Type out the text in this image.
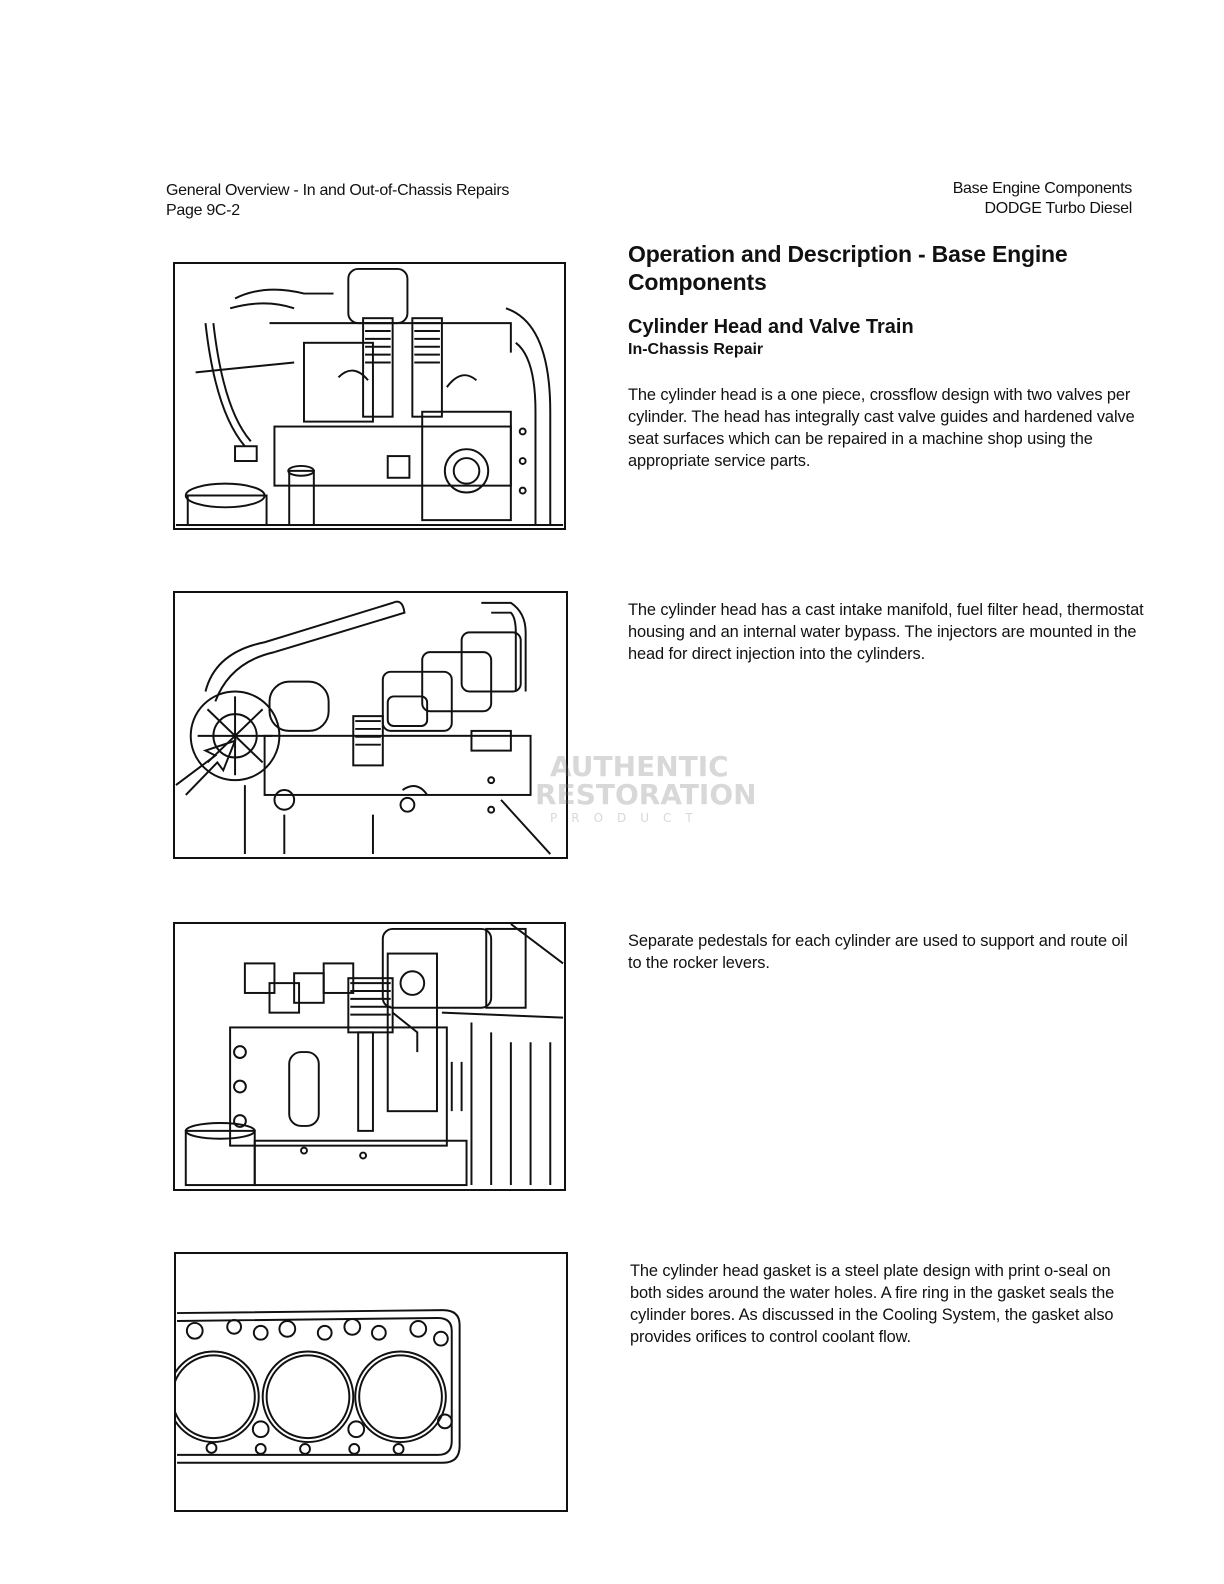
General Overview - In and Out-of-Chassis Repairs
Page 9C-2
Base Engine Components
DODGE Turbo Diesel
Operation and Description - Base Engine Components
Cylinder Head and Valve Train
In-Chassis Repair
The cylinder head is a one piece, crossflow design with two valves per cylinder. The head has integrally cast valve guides and hardened valve seat surfaces which can be repaired in a machine shop using the appropriate service parts.
The cylinder head has a cast intake manifold, fuel filter head, thermostat housing and an internal water bypass. The injectors are mounted in the head for direct injection into the cylinders.
Separate pedestals for each cylinder are used to support and route oil to the rocker levers.
The cylinder head gasket is a steel plate design with print o-seal on both sides around the water holes. A fire ring in the gasket seals the cylinder bores. As discussed in the Cooling System, the gasket also provides orifices to control coolant flow.
AUTHENTIC
RESTORATION
PRODUCT
